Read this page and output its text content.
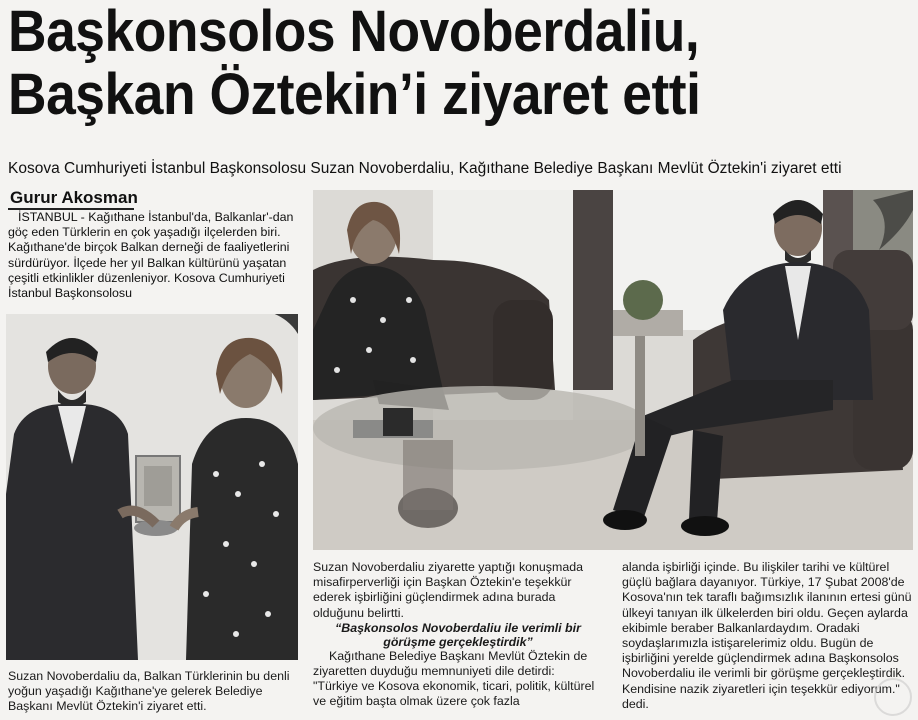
Başkonsolos Novoberdaliu,
Başkan Öztekin’i ziyaret etti
Kosova Cumhuriyeti İstanbul Başkonsolosu Suzan Novoberdaliu, Kağıthane Belediye Başkanı Mevlüt Öztekin'i ziyaret etti
Gurur Akosman

İSTANBUL - Kağıthane İstanbul'da, Balkanlar'-dan göç eden Türklerin en çok yaşadığı ilçelerden biri. Kağıthane'de birçok Balkan derneği de faaliyetlerini sürdürüyor. İlçede her yıl Balkan kültürünü yaşatan çeşitli etkinlikler düzenleniyor. Kosova Cumhuriyeti İstanbul Başkonsolosu

Suzan Novoberdaliu da, Balkan Türklerinin bu denli yoğun yaşadığı Kağıthane'ye gelerek Belediye Başkanı Mevlüt Öztekin'i ziyaret etti.

Suzan Novoberdaliu ziyarette yaptığı konuşmada misafirperverliği için Başkan Öztekin'e teşekkür ederek işbirliğini güçlendirmek adına burada olduğunu belirtti.

“Başkonsolos Novoberdaliu ile verimli bir görüşme gerçekleştirdik”

Kağıthane Belediye Başkanı Mevlüt Öztekin de ziyaretten duyduğu memnuniyeti dile detirdi: "Türkiye ve Kosova ekonomik, ticari, politik, kültürel ve eğitim başta olmak üzere çok fazla

alanda işbirliği içinde. Bu ilişkiler tarihi ve kültürel güçlü bağlara dayanıyor. Türkiye, 17 Şubat 2008'de Kosova'nın tek taraflı bağımsızlık ilanının ertesi günü ülkeyi tanıyan ilk ülkelerden biri oldu. Geçen aylarda ekibimle beraber Balkanlardaydım. Oradaki soydaşlarımızla istişarelerimiz oldu. Bugün de işbirliğini yerelde güçlendirmek adına Başkonsolos Novoberdaliu ile verimli bir görüşme gerçekleştirdik. Kendisine nazik ziyaretleri için teşekkür ediyorum." dedi.
